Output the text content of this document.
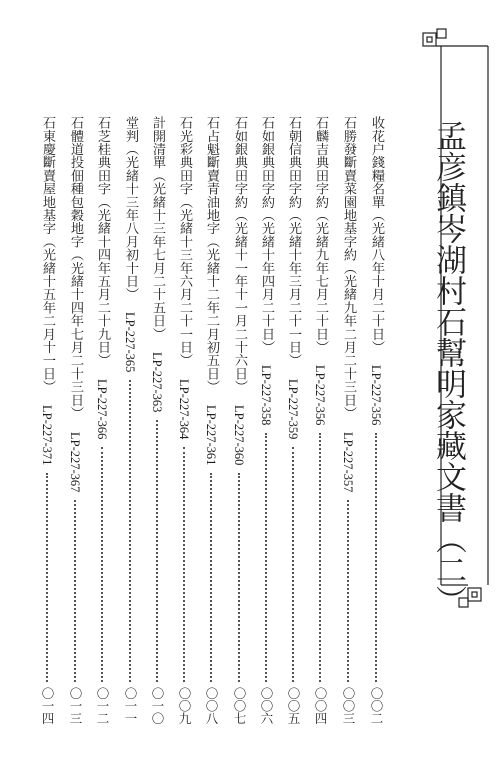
孟彦鎮岑湖村石幫明家藏文書（二）
收花户錢糧名單（光緒八年十月二十日）
LP-227-356
〇〇二
石勝發斷賣菜園地基字約（光緒九年二月二十三日）
LP-227-357
〇〇三
石麟吉典田字約（光緒九年七月二十日）
LP-227-356
〇〇四
石朝信典田字約（光緒十年三月二十一日）
LP-227-359
〇〇五
石如銀典田字約（光緒十年四月二十日）
LP-227-358
〇〇六
石如銀典田字約（光緒十一年十一月二十六日）
LP-227-360
〇〇七
石占魁斷賣青油地字（光緒十二年二月初五日）
LP-227-361
〇〇八
石光彩典田字（光緒十三年六月二十一日）
LP-227-364
〇〇九
計開清單（光緒十三年七月二十五日）
LP-227-363
〇一〇
堂判（光緒十三年八月初十日）
LP-227-365
〇一一
石芝桂典田字（光緒十四年五月二十九日）
LP-227-366
〇一二
石體道投佃種包穀地字（光緒十四年七月二十三日）
LP-227-367
〇一三
石東慶斷賣屋地基字（光緒十五年二月十一日）
LP-227-371
〇一四
